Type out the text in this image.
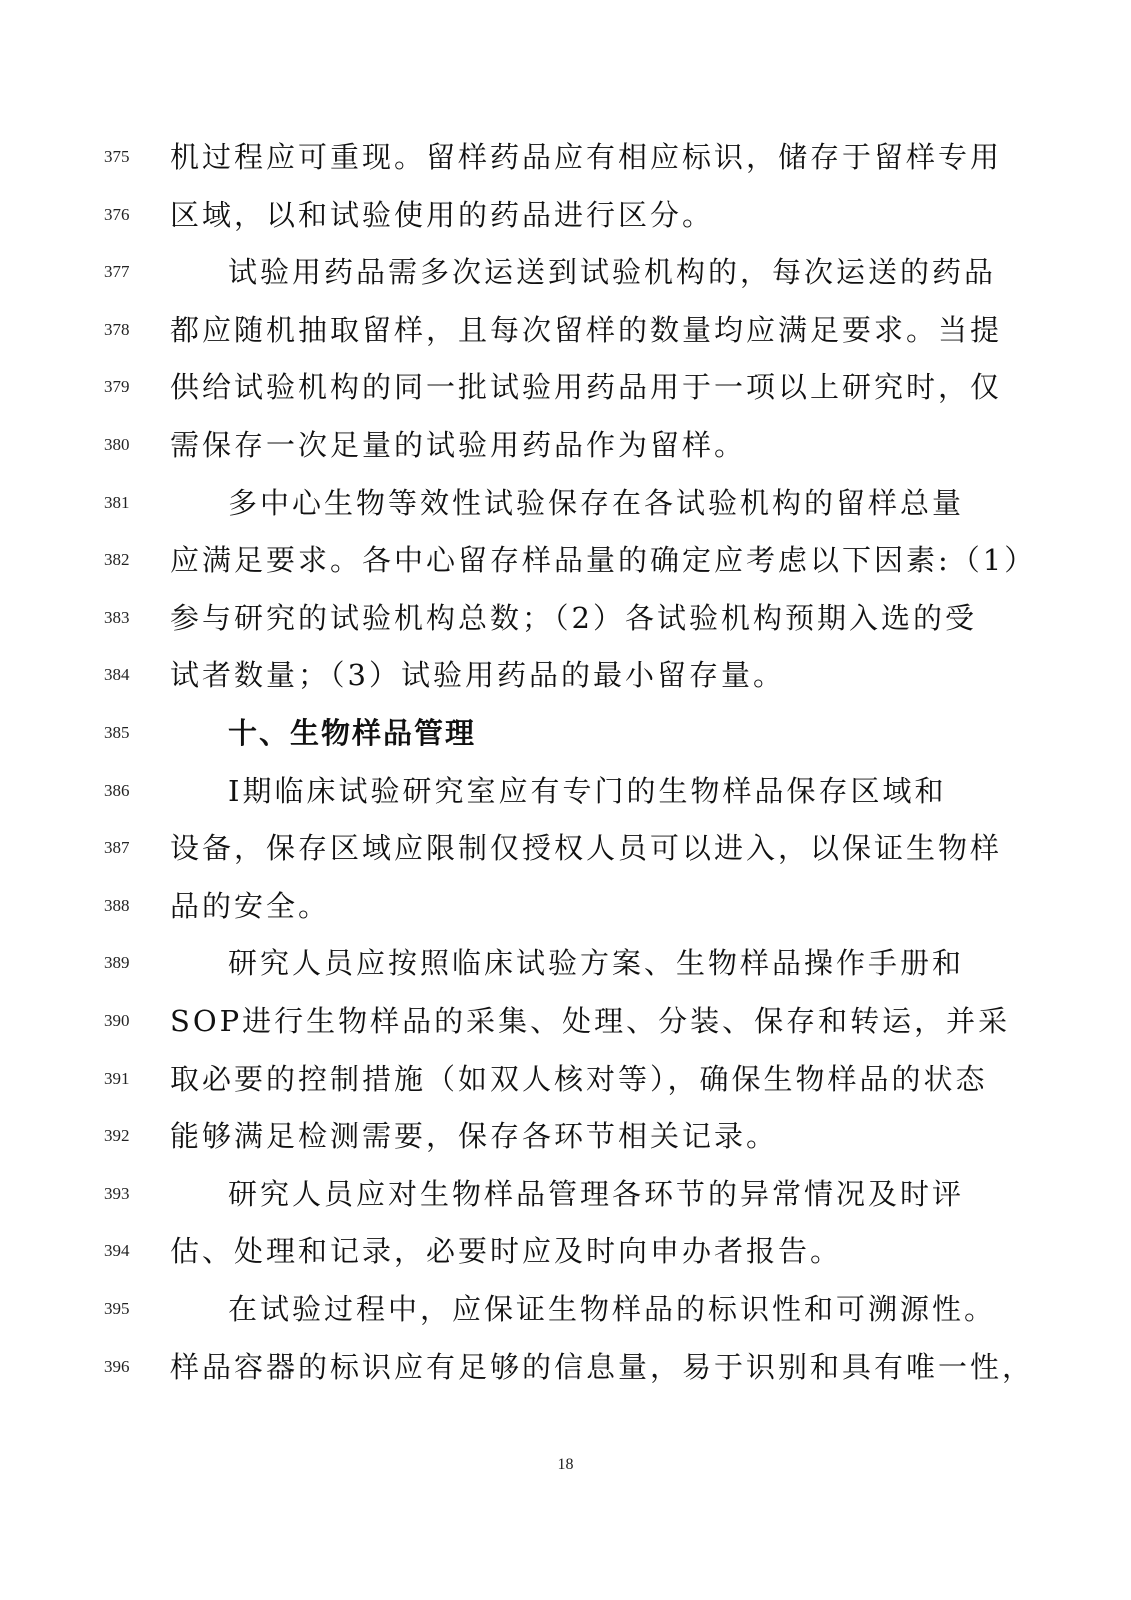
375	机过程应可重现。留样药品应有相应标识，储存于留样专用
376	区域，以和试验使用的药品进行区分。
377	试验用药品需多次运送到试验机构的，每次运送的药品
378	都应随机抽取留样，且每次留样的数量均应满足要求。当提
379	供给试验机构的同一批试验用药品用于一项以上研究时，仅
380	需保存一次足量的试验用药品作为留样。
381	多中心生物等效性试验保存在各试验机构的留样总量
382	应满足要求。各中心留存样品量的确定应考虑以下因素:（1）
383	参与研究的试验机构总数；（2）各试验机构预期入选的受
384	试者数量；（3）试验用药品的最小留存量。
385	十、生物样品管理
386	Ⅰ期临床试验研究室应有专门的生物样品保存区域和
387	设备，保存区域应限制仅授权人员可以进入，以保证生物样
388	品的安全。
389	研究人员应按照临床试验方案、生物样品操作手册和
390	SOP进行生物样品的采集、处理、分装、保存和转运，并采
391	取必要的控制措施（如双人核对等），确保生物样品的状态
392	能够满足检测需要，保存各环节相关记录。
393	研究人员应对生物样品管理各环节的异常情况及时评
394	估、处理和记录，必要时应及时向申办者报告。
395	在试验过程中，应保证生物样品的标识性和可溯源性。
396	样品容器的标识应有足够的信息量，易于识别和具有唯一性，
18
